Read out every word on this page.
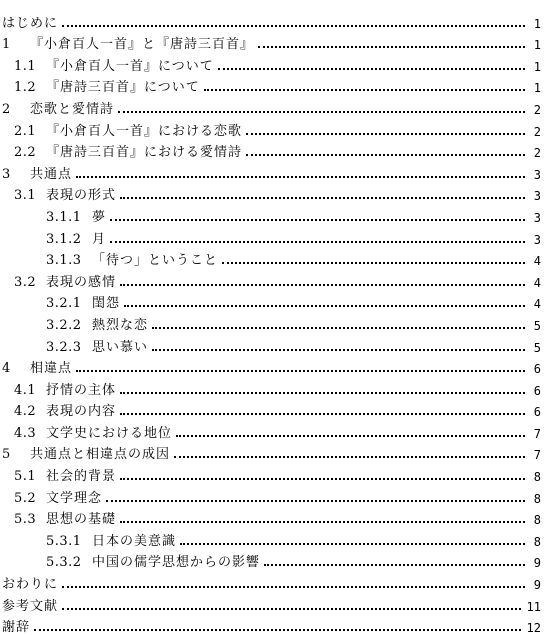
はじめに	1
1	『小倉百人一首』と『唐詩三百首』	1
1.1 『小倉百人一首』について	1
1.2 『唐詩三百首』について	1
2	恋歌と愛情詩	2
2.1 『小倉百人一首』における恋歌	2
2.2 『唐詩三百首』における愛情詩	2
3	共通点	3
3.1 表現の形式	3
3.1.1 夢	3
3.1.2 月	3
3.1.3 「待つ」ということ	4
3.2 表現の感情	4
3.2.1 閨怨	4
3.2.2 熱烈な恋	5
3.2.3 思い慕い	5
4	相違点	6
4.1 抒情の主体	6
4.2 表現の内容	6
4.3 文学史における地位	7
5	共通点と相違点の成因	7
5.1 社会的背景	8
5.2 文学理念	8
5.3 思想の基礎	8
5.3.1 日本の美意識	8
5.3.2 中国の儒学思想からの影響	9
おわりに	9
参考文献	11
謝辞	12
